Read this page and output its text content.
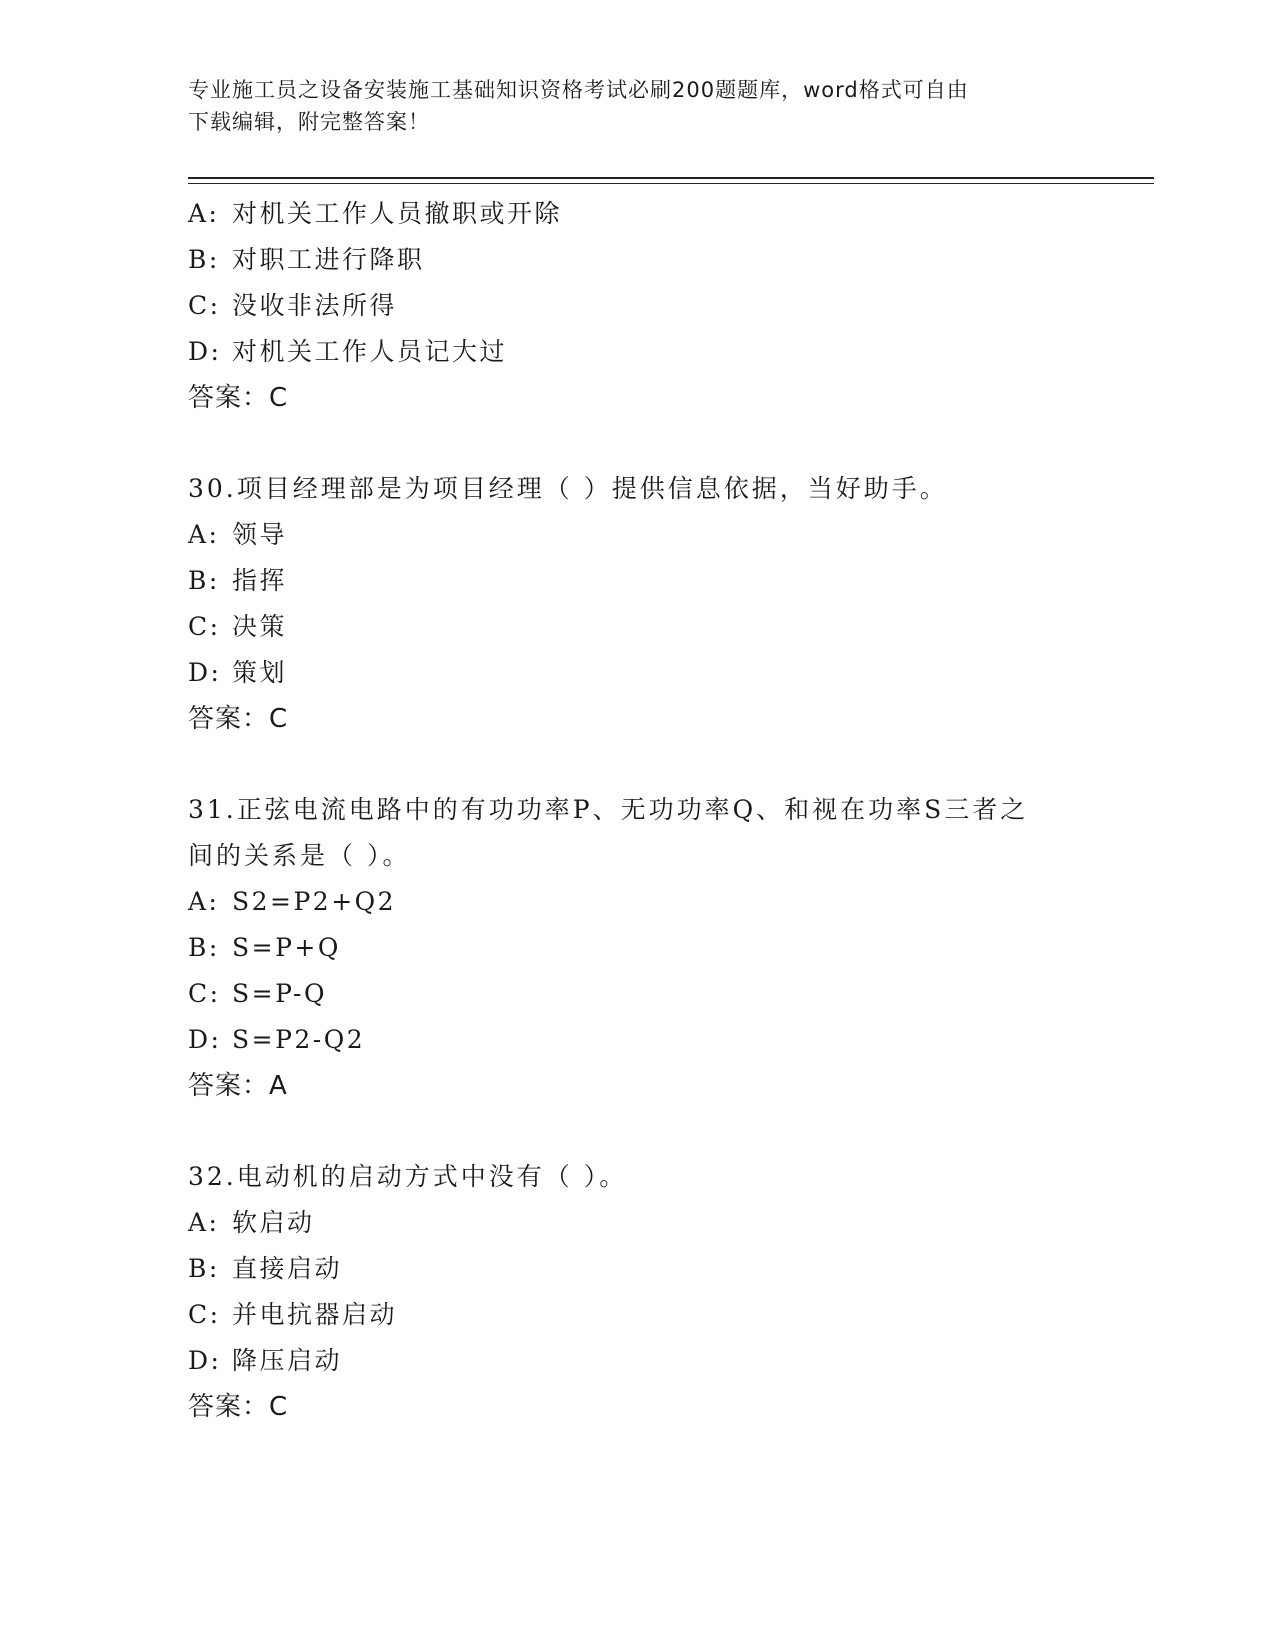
专业施工员之设备安装施工基础知识资格考试必刷200题题库，word格式可自由
下载编辑，附完整答案！
A: 对机关工作人员撤职或开除
B: 对职工进行降职
C: 没收非法所得
D: 对机关工作人员记大过
答案：C
30.项目经理部是为项目经理（ ）提供信息依据，当好助手。
A: 领导
B: 指挥
C: 决策
D: 策划
答案：C
31.正弦电流电路中的有功功率P、无功功率Q、和视在功率S三者之间的关系是（ ）。
A: S2=P2+Q2
B: S=P+Q
C: S=P-Q
D: S=P2-Q2
答案：A
32.电动机的启动方式中没有（ ）。
A: 软启动
B: 直接启动
C: 并电抗器启动
D: 降压启动
答案：C
